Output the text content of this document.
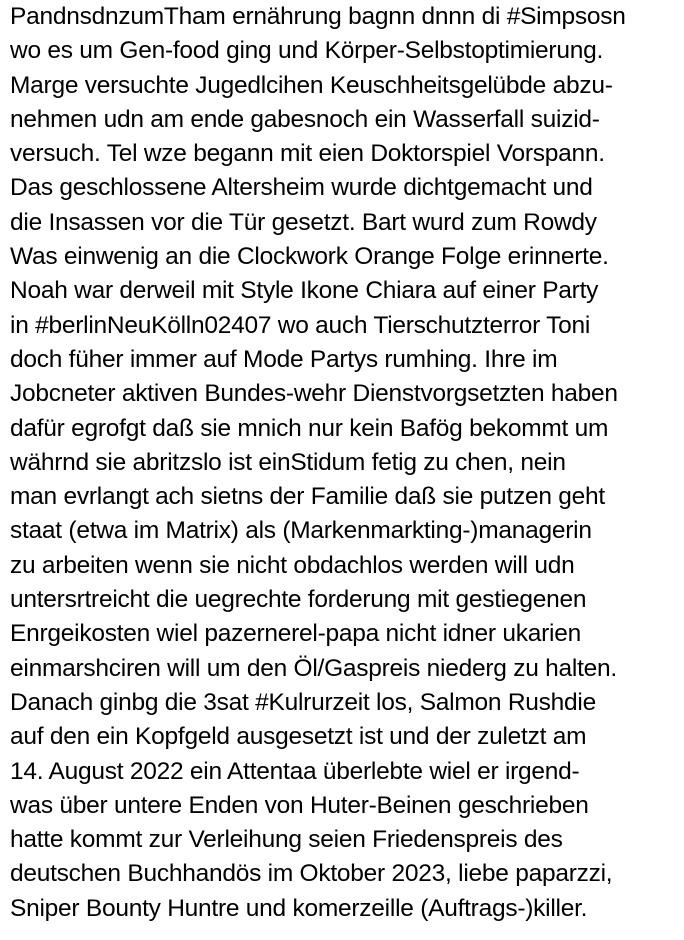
PandnsdnzumTham ernährung bagnn dnnn di #Simpsosn
wo es um Gen-food ging und Körper-Selbstoptimierung.
Marge versuchte Jugedlcihen Keuschheitsgelübde abzu-
nehmen udn am ende gabesnoch ein Wasserfall suizid-
versuch. Tel wze begann mit eien Doktorspiel Vorspann.
Das geschlossene Altersheim wurde dichtgemacht und
die Insassen vor die Tür gesetzt. Bart wurd zum Rowdy
Was einwenig an die Clockwork Orange Folge erinnerte.
Noah war derweil mit Style Ikone Chiara auf einer Party
in #berlinNeuKölln02407 wo auch Tierschutzterror Toni
doch füher immer auf Mode Partys rumhing. Ihre im
Jobcneter aktiven Bundes-wehr Dienstvorgsetzten haben
dafür egrofgt daß sie mnich nur kein Bafög bekommt um
währnd sie abritzslo ist einStidum fetig zu chen, nein
man evrlangt ach sietns der Familie daß sie putzen geht
staat (etwa im Matrix) als (Markenmarkting-)managerin
zu arbeiten wenn sie nicht obdachlos werden will udn
untersrtreicht die uegrechte forderung mit gestiegenen
Enrgeikosten wiel pazernerel-papa nicht idner ukarien
einmarshciren will um den Öl/Gaspreis niederg zu halten.
Danach ginbg die 3sat #Kulrurzeit los, Salmon Rushdie
auf den ein Kopfgeld ausgesetzt ist und der zuletzt am
14. August 2022 ein Attentaa überlebte wiel er irgend-
was über untere Enden von Huter-Beinen geschrieben
hatte kommt zur Verleihung seien Friedenspreis des
deutschen Buchhandös im Oktober 2023, liebe paparzzi,
Sniper Bounty Huntre und komerzeille (Auftrags-)killer.
